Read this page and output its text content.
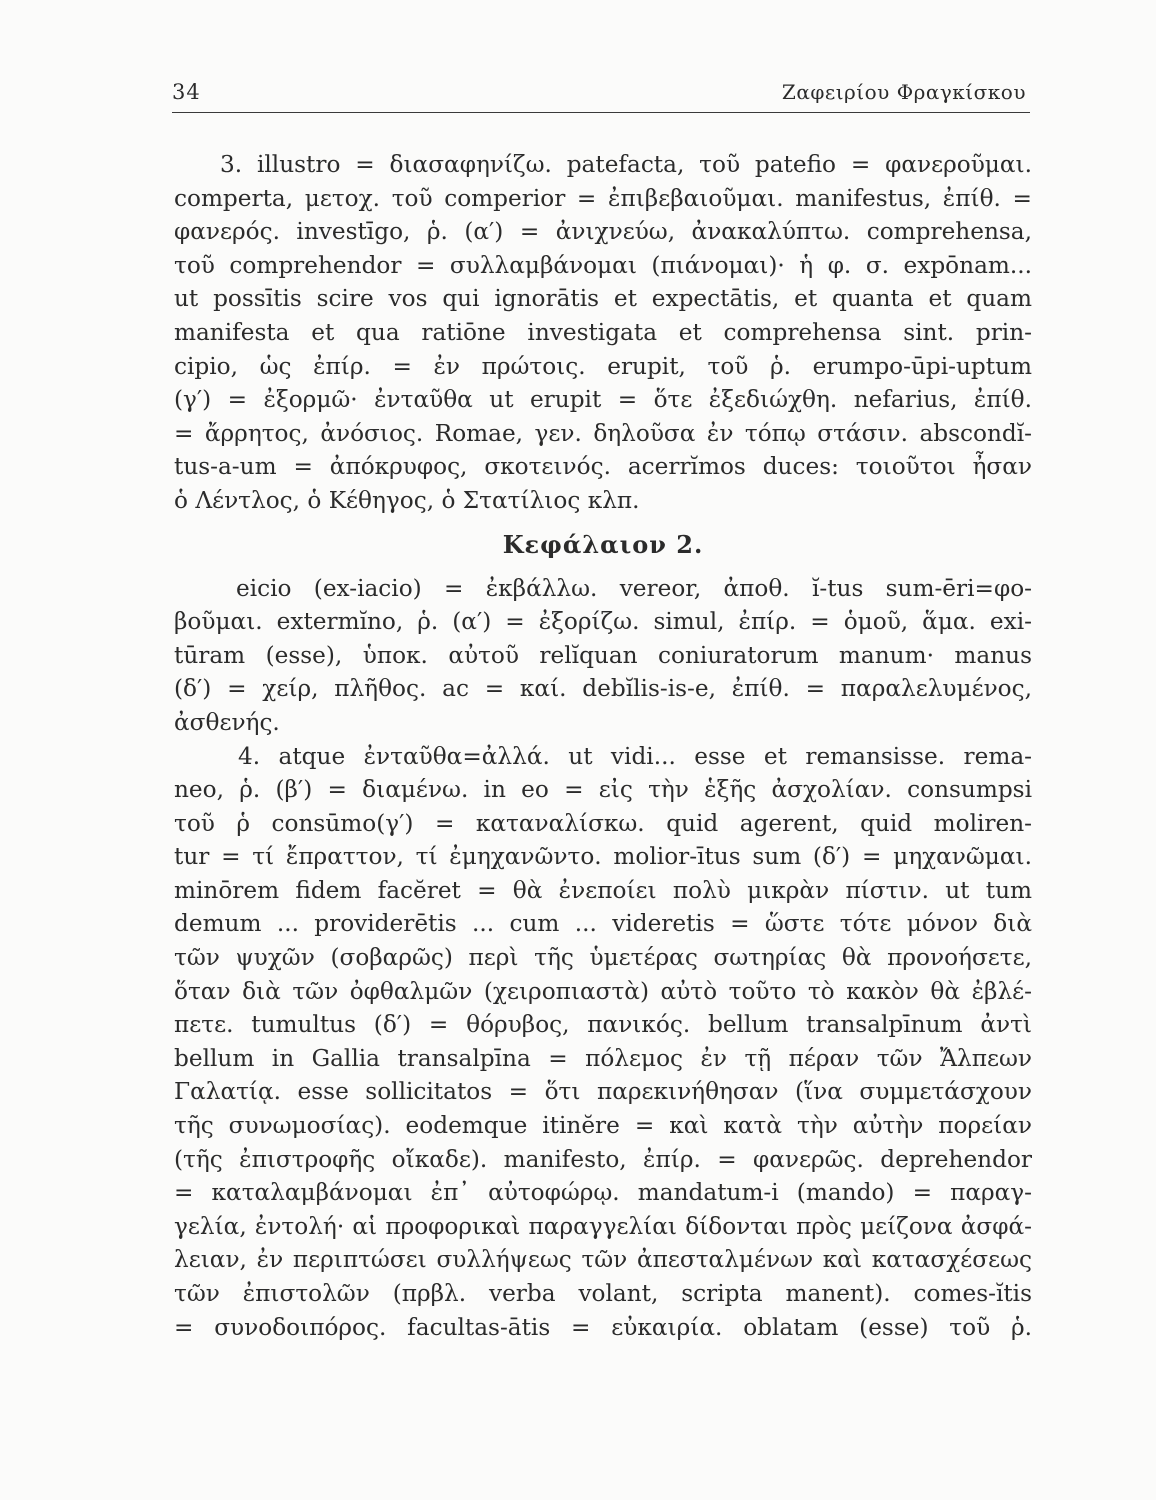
34	Ζαφειρίου Φραγκίσκου
3. illustro = διασαφηνίζω. patefacta, τοῦ patefio = φανεροῦμαι.
comperta, μετοχ. τοῦ comperior = ἐπιβεβαιοῦμαι. manifestus, ἐπίθ. =
φανερός. investīgo, ῥ. (α′) = ἀνιχνεύω, ἀνακαλύπτω. comprehensa,
τοῦ comprehendor = συλλαμβάνομαι (πιάνομαι)· ἡ φ. σ. expōnam...
ut possītis scire vos qui ignorātis et expectātis, et quanta et quam
manifesta et qua ratiōne investigata et comprehensa sint. prin-
cipio, ὡς ἐπίρ. = ἐν πρώτοις. erupit, τοῦ ῥ. erumpo-ūpi-uptum
(γ′) = ἐξορμῶ· ἐνταῦθα ut erupit = ὅτε ἐξεδιώχθη. nefarius, ἐπίθ.
= ἄρρητος, ἀνόσιος. Romae, γεν. δηλοῦσα ἐν τόπῳ στάσιν. abscondĭ-
tus-a-um = ἀπόκρυφος, σκοτεινός. acerrĭmos duces: τοιοῦτοι ἦσαν
ὁ Λέντλος, ὁ Κέθηγος, ὁ Στατίλιος κλπ.
Κεφάλαιον 2.
eicio (ex-iacio) = ἐκβάλλω. vereor, ἀποθ. ĭ-tus sum-ēri=φο-
βοῦμαι. extermĭno, ῥ. (α′) = ἐξορίζω. simul, ἐπίρ. = ὁμοῦ, ἅμα. exi-
tūram (esse), ὑποκ. αὐτοῦ relĭquan coniuratorum manum· manus
(δ′) = χείρ, πλῆθος. ac = καί. debĭlis-is-e, ἐπίθ. = παραλελυμένος,
ἀσθενής.
4. atque ἐνταῦθα=ἀλλά. ut vidi... esse et remansisse. rema-
neo, ῥ. (β′) = διαμένω. in eo = εἰς τὴν ἑξῆς ἀσχολίαν. consumpsi
τοῦ ῥ consūmo(γ′) = καταναλίσκω. quid agerent, quid moliren-
tur = τί ἔπραττον, τί ἐμηχανῶντο. molior-ītus sum (δ′) = μηχανῶμαι.
minōrem fidem facĕret = θὰ ἐνεποίει πολὺ μικρὰν πίστιν. ut tum
demum ... providerētis ... cum ... videretis = ὥστε τότε μόνον διὰ
τῶν ψυχῶν (σοβαρῶς) περὶ τῆς ὑμετέρας σωτηρίας θὰ προνοήσετε,
ὅταν διὰ τῶν ὀφθαλμῶν (χειροπιαστὰ) αὐτὸ τοῦτο τὸ κακὸν θὰ ἐβλέ-
πετε. tumultus (δ′) = θόρυβος, πανικός. bellum transalpīnum ἀντὶ
bellum in Gallia transalpīna = πόλεμος ἐν τῇ πέραν τῶν Ἄλπεων
Γαλατίᾳ. esse sollicitatos = ὅτι παρεκινήθησαν (ἵνα συμμετάσχουν
τῆς συνωμοσίας). eodemque itinĕre = καὶ κατὰ τὴν αὐτὴν πορείαν
(τῆς ἐπιστροφῆς οἴκαδε). manifesto, ἐπίρ. = φανερῶς. deprehendor
= καταλαμβάνομαι ἐπ᾽ αὐτοφώρῳ. mandatum-i (mando) = παραγ-
γελία, ἐντολή· αἱ προφορικαὶ παραγγελίαι δίδονται πρὸς μείζονα ἀσφά-
λειαν, ἐν περιπτώσει συλλήψεως τῶν ἀπεσταλμένων καὶ κατασχέσεως
τῶν ἐπιστολῶν (πρβλ. verba volant, scripta manent). comes-ĭtis
= συνοδοιπόρος. facultas-ātis = εὐκαιρία. oblatam (esse) τοῦ ῥ.
